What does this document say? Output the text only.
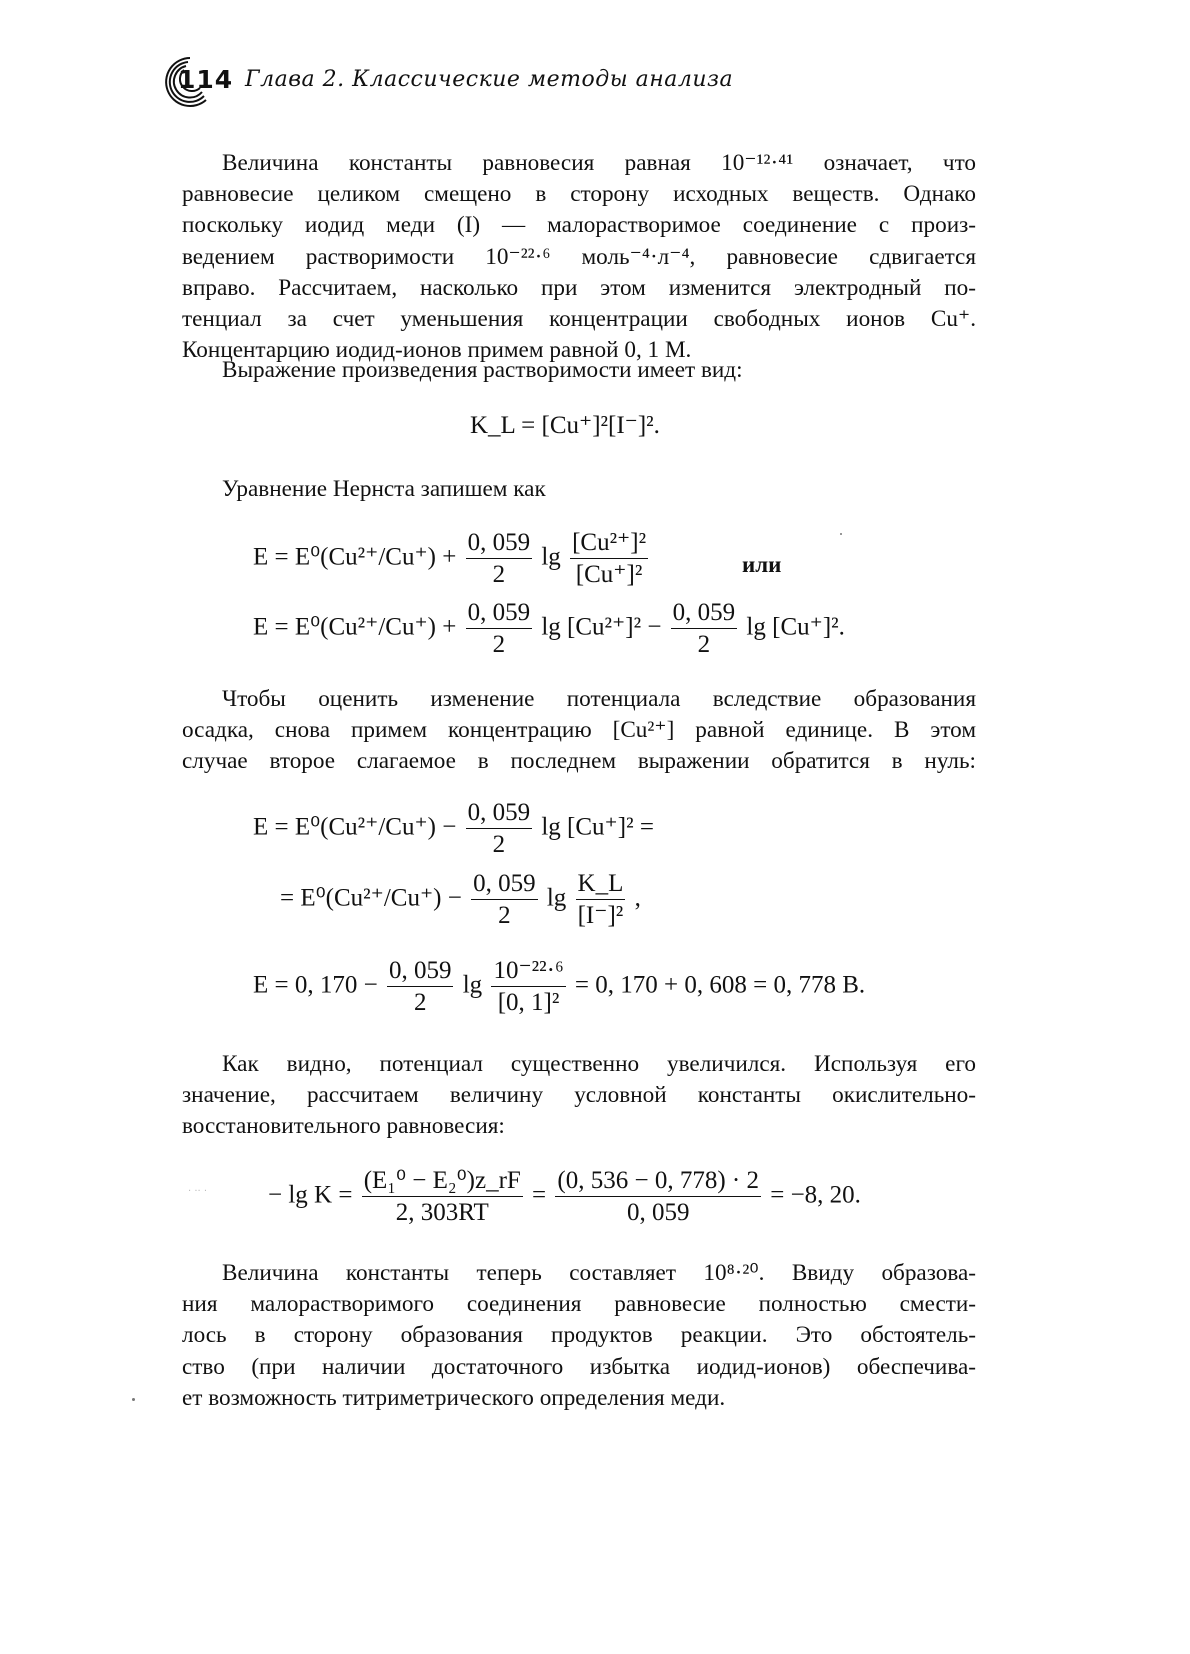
114 Глава 2. Классические методы анализа
Величина константы равновесия равная 10⁻¹²·⁴¹ означает, что
равновесие целиком смещено в сторону исходных веществ. Однако
поскольку иодид меди (I) — малорастворимое соединение с произ-
ведением растворимости 10⁻²²·⁶ моль⁻⁴·л⁻⁴, равновесие сдвигается
вправо. Рассчитаем, насколько при этом изменится электродный по-
тенциал за счет уменьшения концентрации свободных ионов Cu⁺.
Концентарцию иодид-ионов примем равной 0, 1 M.
Выражение произведения растворимости имеет вид:
K_L = [Cu⁺]²[I⁻]².
Уравнение Нернста запишем как
$E = E^0(Cu^{2+}/Cu^+) + \frac{0, 059}{2}$ $\lg \frac{\text{[Cu²⁺]²}}{\text{[Cu⁺]²}}$	или
$E = E^0(Cu^{2+}/Cu^+) + \frac{0, 059}{2}$ $\lg [Cu^{2+}]^2 - \frac{0, 059}{2}$ lg [Cu⁺]².
Чтобы оценить изменение потенциала вследствие образования
осадка, снова примем концентрацию [Cu²⁺] равной единице. В этом
случае второе слагаемое в последнем выражении обратится в нуль:
$E = E^0(Cu^{2+}/Cu^+) - \frac{0, 059}{2}$ lg [Cu⁺]² =
= $E^0(Cu^{2+}/Cu^+) - \frac{0, 059}{2}$ $\lg \frac{K\_L}{\text{[I⁻]²}}$ ,
E = 0, $170 - \frac{0, 059}{2}$ $\lg \frac{\text{10⁻²²·⁶}}{\text{[0, 1]²}} = 0$, 170 + 0, 608 = 0, 778 В.
Как видно, потенциал существенно увеличился. Используя его
значение, рассчитаем величину условной константы окислительно-
восстановительного равновесия:
· ·· · − $\lg K = \frac{\text{(E₁⁰ − E₂⁰)z\_rF}}{2, 303RT} = \frac{(0, 536 - 0, 778) \cdot 2}{0, 059} = -8$, 20.
Величина константы теперь составляет 10⁸·²⁰. Ввиду образова-
ния малорастворимого соединения равновесие полностью смести-
лось в сторону образования продуктов реакции. Это обстоятель-
ство (при наличии достаточного избытка иодид-ионов) обеспечива-
ет возможность титриметрического определения меди.
